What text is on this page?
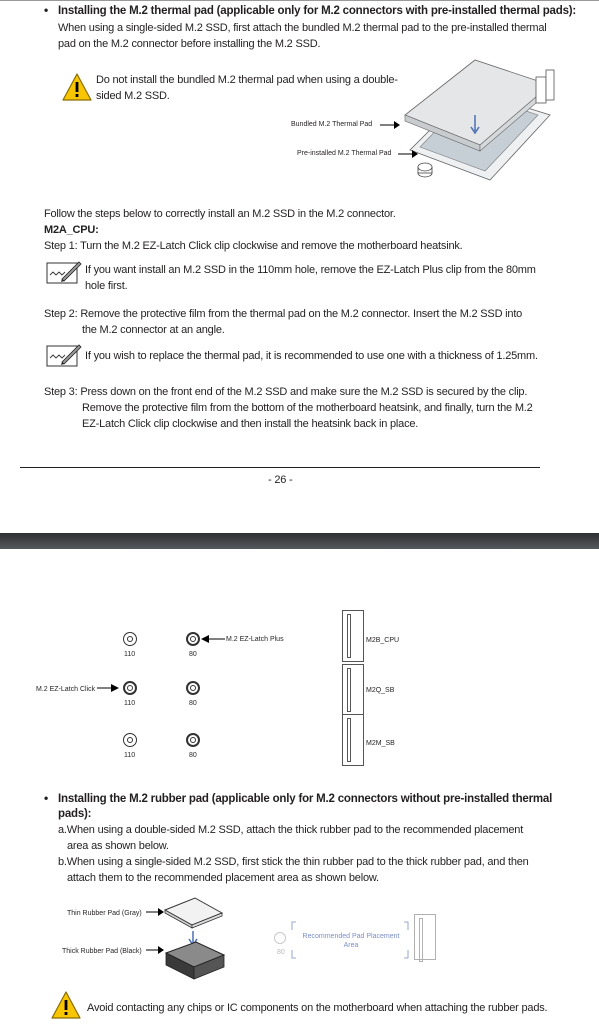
• Installing the M.2 thermal pad (applicable only for M.2 connectors with pre-installed thermal pads):
When using a single-sided M.2 SSD, first attach the bundled M.2 thermal pad to the pre-installed thermal
pad on the M.2 connector before installing the M.2 SSD.
Do not install the bundled M.2 thermal pad when using a double-
sided M.2 SSD.
Bundled M.2 Thermal Pad
Pre-installed M.2 Thermal Pad
Follow the steps below to correctly install an M.2 SSD in the M.2 connector.
M2A_CPU:
Step 1: Turn the M.2 EZ-Latch Click clip clockwise and remove the motherboard heatsink.
If you want install an M.2 SSD in the 110mm hole, remove the EZ-Latch Plus clip from the 80mm
hole first.
Step 2: Remove the protective film from the thermal pad on the M.2 connector. Insert the M.2 SSD into
the M.2 connector at an angle.
If you wish to replace the thermal pad, it is recommended to use one with a thickness of 1.25mm.
Step 3: Press down on the front end of the M.2 SSD and make sure the M.2 SSD is secured by the clip.
Remove the protective film from the bottom of the motherboard heatsink, and finally, turn the M.2
EZ-Latch Click clip clockwise and then install the heatsink back in place.
- 26 -
110	80
M.2 EZ-Latch Plus
M.2 EZ-Latch Click
110	80
110	80
M2B_CPU
M2Q_SB
M2M_SB
• Installing the M.2 rubber pad (applicable only for M.2 connectors without pre-installed thermal
pads):
a.When using a double-sided M.2 SSD, attach the thick rubber pad to the recommended placement
area as shown below.
b.When using a single-sided M.2 SSD, first stick the thin rubber pad to the thick rubber pad, and then
attach them to the recommended placement area as shown below.
Thin Rubber Pad (Gray)
Thick Rubber Pad (Black)	80
Recommended Pad Placement
Area
Avoid contacting any chips or IC components on the motherboard when attaching the rubber pads.
